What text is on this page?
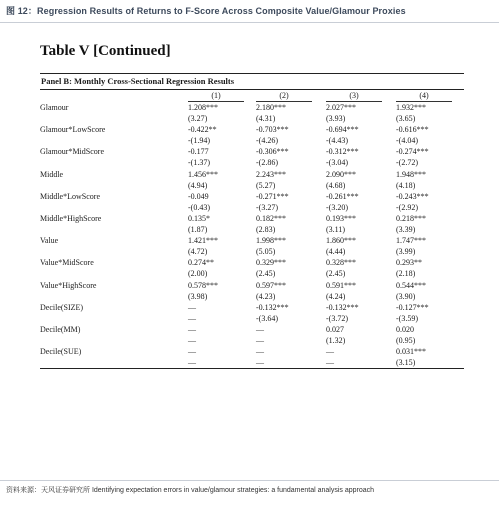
图 12：Regression Results of Returns to F-Score Across Composite Value/Glamour Proxies
Table V [Continued]
Panel B: Monthly Cross-Sectional Regression Results
	(1)	(2)	(3)	(4)
Glamour	1.208***	2.180***	2.027***	1.932***
	(3.27)	(4.31)	(3.93)	(3.65)
Glamour*LowScore	-0.422**	-0.703***	-0.694***	-0.616***
	-(1.94)	-(4.26)	-(4.43)	-(4.04)
Glamour*MidScore	-0.177	-0.306***	-0.312***	-0.274***
	-(1.37)	-(2.86)	-(3.04)	-(2.72)
Middle	1.456***	2.243***	2.090***	1.948***
	(4.94)	(5.27)	(4.68)	(4.18)
Middle*LowScore	-0.049	-0.271***	-0.261***	-0.243***
	-(0.43)	-(3.27)	-(3.20)	-(2.92)
Middle*HighScore	0.135*	0.182***	0.193***	0.218***
	(1.87)	(2.83)	(3.11)	(3.39)
Value	1.421***	1.998***	1.860***	1.747***
	(4.72)	(5.05)	(4.44)	(3.99)
Value*MidScore	0.274**	0.329***	0.328***	0.293**
	(2.00)	(2.45)	(2.45)	(2.18)
Value*HighScore	0.578***	0.597***	0.591***	0.544***
	(3.98)	(4.23)	(4.24)	(3.90)
Decile(SIZE)	—	-0.132***	-0.132***	-0.127***
	—	-(3.64)	-(3.72)	-(3.59)
Decile(MM)	—	—	0.027	0.020
	—	—	(1.32)	(0.95)
Decile(SUE)	—	—	—	0.031***
	—	—	—	(3.15)
资料来源：天风证券研究所 Identifying expectation errors in value/glamour strategies: a fundamental analysis approach
